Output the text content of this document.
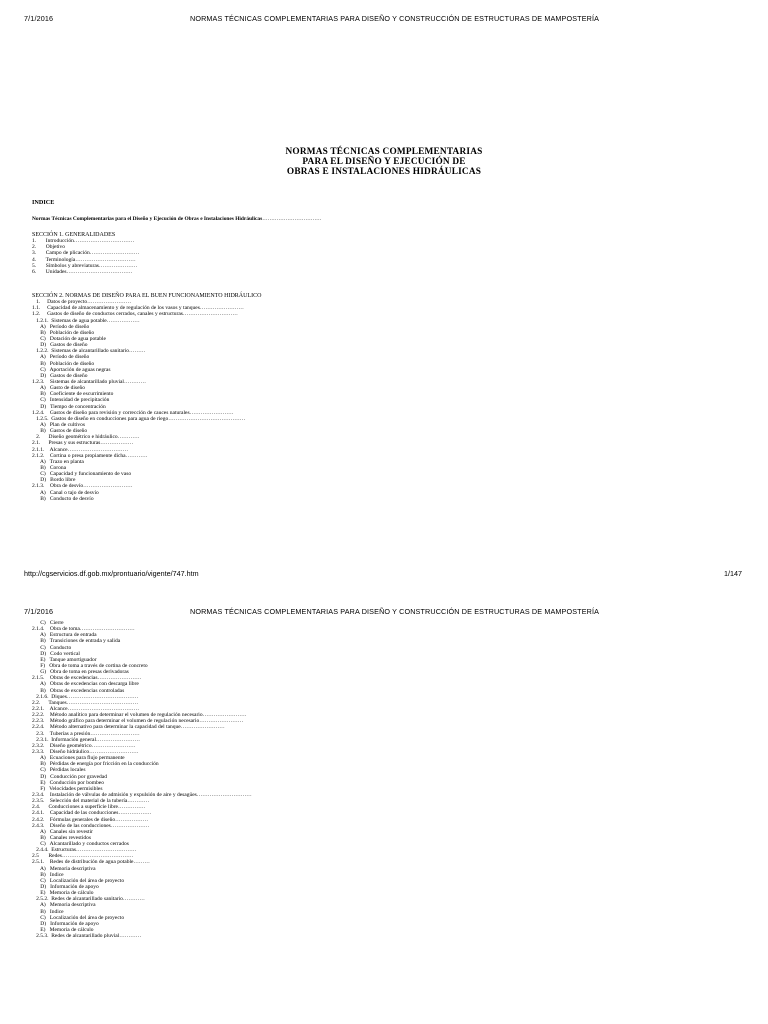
7/1/2016	NORMAS TÉCNICAS COMPLEMENTARIAS PARA DISEÑO Y CONSTRUCCIÓN DE ESTRUCTURAS DE MAMPOSTERÍA
NORMAS TÉCNICAS COMPLEMENTARIAS
PARA EL DISEÑO Y EJECUCIÓN DE
OBRAS E INSTALACIONES HIDRÁULICAS
INDICE
Normas Técnicas Complementarias para el Diseño y Ejecución de Obras e Instalaciones Hidráulicas……………………………
SECCIÓN 1. GENERALIDADES
1.       Introducción……………………………
2.       Objetivo
3.       Campo de plicación………………………
4.       Terminología……………………………
5.       Símbolos y abreviaturas…………………
6.       Unidades………………………………
SECCIÓN 2. NORMAS DE DISEÑO PARA EL BUEN FUNCIONAMIENTO HIDRÁULICO
1.     Datos de proyecto……………………
1.1.     Capacidad de almacenamiento y de regulación de los vasos y tanques……………………
1.2.     Gastos de diseño de conductos cerrados, canales y estructuras…………………………
1.2.1.  Sistemas de agua potable………………
A)   Período de diseño
B)   Población de diseño
C)   Dotación de agua potable
D)   Gastos de diseño
1.2.2.  Sistemas de alcantarillado sanitario………
A)   Período de diseño
B)   Población de diseño
C)   Aportación de aguas negras
D)   Gastos de diseño
1.2.3.    Sistemas de alcantarillado pluvial…………
A)   Gasto de diseño
B)   Coeficiente de escurrimiento
C)   Intensidad de precipitación
D)   Tiempo de concentración
1.2.4.    Gastos de diseño para revisión y corrección de cauces naturales……………………
1.2.5.  Gastos de diseño en conducciones para agua de riego……………………………………
A)   Plan de cultivos
B)   Gastos de diseño
2.      Diseño geométrico e hidráulico…………
2.1.      Presas y sus estructuras………………
2.1.1.    Alcance……………………………
2.1.2.    Cortina o presa propiamente dicha…………
A)   Trazo en planta
B)   Corona
C)   Capacidad y funcionamiento de vaso
D)   Bordo libre
2.1.3.    Obra de desvío………………………
A)   Canal o tajo de desvío
B)   Conducto de desvío
http://cgservicios.df.gob.mx/prontuario/vigente/747.htm	1/147
7/1/2016	NORMAS TÉCNICAS COMPLEMENTARIAS PARA DISEÑO Y CONSTRUCCIÓN DE ESTRUCTURAS DE MAMPOSTERÍA
C)   Cierre
2.1.4.    Obra de toma…………………………
A)   Estructura de entrada
B)   Transiciones de entrada y salida
C)   Conducto
D)   Codo vertical
E)   Tanque amortiguador
F)   Obra de toma a través de cortina de concreto
G)   Obra de toma en presas derivadoras
2.1.5.    Obras de excedencias……………………
A)   Obras de excedencias con descarga libre
B)   Obras de excedencias controladas
2.1.6.  Diques…………………………………
2.2.      Tanques…………………………………
2.2.1.    Alcance…………………………………
2.2.2.    Método analítico para determinar el volumen de regulación necesario……………………
2.2.3.    Método gráfico para determinar el volumen de regulación necesario……………………
2.2.4.    Método alternativo para determinar la capacidad del tanque……………………
2.3.    Tuberías a presión………………………
2.3.1.  Información general……………………
2.3.2.    Diseño geométrico……………………
2.3.3.    Diseño hidráulico………………………
A)   Ecuaciones para flujo permanente
B)   Pérdidas de energía por fricción en la conducción
C)   Pérdidas locales
D)   Conducción por gravedad
E)   Conducción por bombeo
F)   Velocidades permisibles
2.3.4.    Instalación de válvulas de admisión y expulsión de aire y desagües…………………………
2.3.5.    Selección del material de la tubería…………
2.4.      Conducciones a superficie libre……………
2.4.1.    Capacidad de las conducciones………………
2.4.2.    Fórmulas generales de diseño………………
2.4.3.    Diseño de las conducciones…………………
A)   Canales sin revestir
B)   Canales revestidos
C)   Alcantarillado y conductos cerrados
2.4.4.  Estructuras……………………………
2.5       Redes…………………………………
2.5.1.    Redes de distribución de agua potable………
A)   Memoria descriptiva
B)   Indice
C)   Localización del área de proyecto
D)   Información de apoyo
E)   Memoria de cálculo
2.5.2.  Redes de alcantarillado sanitario…………
A)   Memoria descriptiva
B)   Indice
C)   Localización del área de proyecto
D)   Información de apoyo
E)   Memoria de cálculo
2.5.3.  Redes de alcantarillado pluvial…………
